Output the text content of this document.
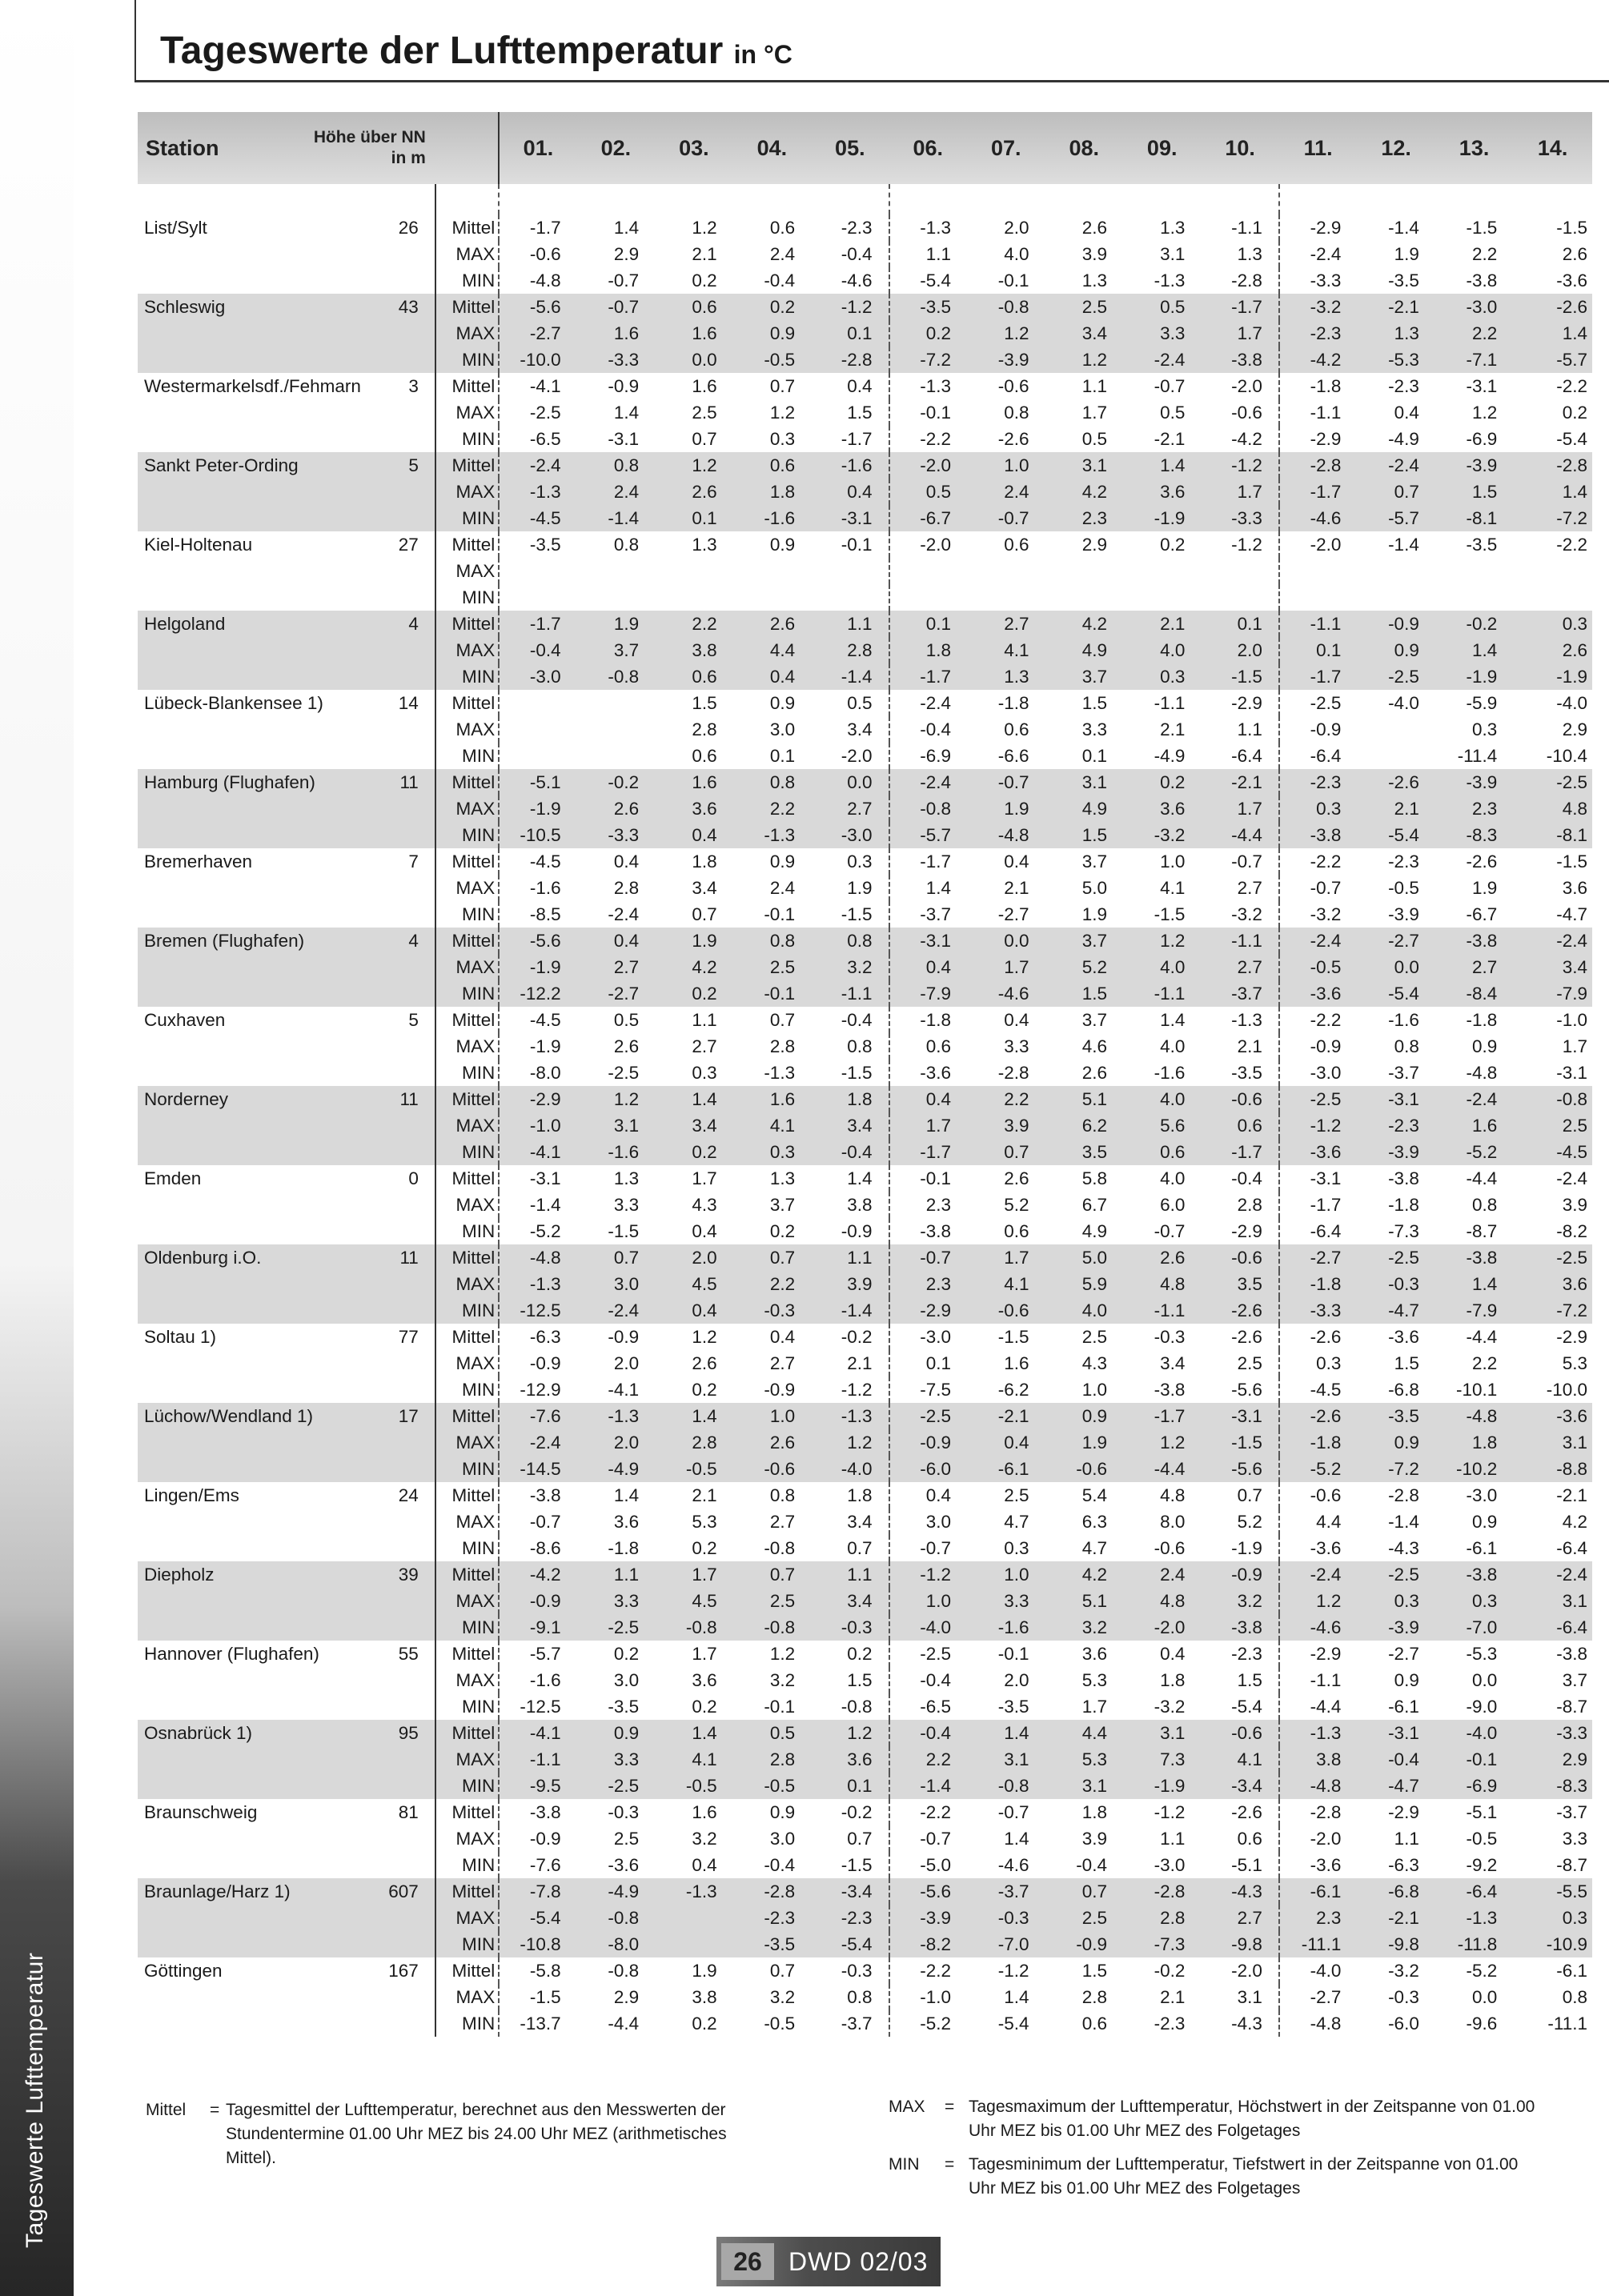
Tageswerte Lufttemperatur
Tageswerte der Lufttemperatur in °C
Station	Höhe über NN
in m		01.	02.	03.	04.	05.	06.	07.	08.	09.	10.	11.	12.	13.	14.

List/Sylt	26	Mittel	-1.7	1.4	1.2	0.6	-2.3	-1.3	2.0	2.6	1.3	-1.1	-2.9	-1.4	-1.5	-1.5
		MAX	-0.6	2.9	2.1	2.4	-0.4	1.1	4.0	3.9	3.1	1.3	-2.4	1.9	2.2	2.6
		MIN	-4.8	-0.7	0.2	-0.4	-4.6	-5.4	-0.1	1.3	-1.3	-2.8	-3.3	-3.5	-3.8	-3.6
Schleswig	43	Mittel	-5.6	-0.7	0.6	0.2	-1.2	-3.5	-0.8	2.5	0.5	-1.7	-3.2	-2.1	-3.0	-2.6
		MAX	-2.7	1.6	1.6	0.9	0.1	0.2	1.2	3.4	3.3	1.7	-2.3	1.3	2.2	1.4
		MIN	-10.0	-3.3	0.0	-0.5	-2.8	-7.2	-3.9	1.2	-2.4	-3.8	-4.2	-5.3	-7.1	-5.7
Westermarkelsdf./Fehmarn	3	Mittel	-4.1	-0.9	1.6	0.7	0.4	-1.3	-0.6	1.1	-0.7	-2.0	-1.8	-2.3	-3.1	-2.2
		MAX	-2.5	1.4	2.5	1.2	1.5	-0.1	0.8	1.7	0.5	-0.6	-1.1	0.4	1.2	0.2
		MIN	-6.5	-3.1	0.7	0.3	-1.7	-2.2	-2.6	0.5	-2.1	-4.2	-2.9	-4.9	-6.9	-5.4
Sankt Peter-Ording	5	Mittel	-2.4	0.8	1.2	0.6	-1.6	-2.0	1.0	3.1	1.4	-1.2	-2.8	-2.4	-3.9	-2.8
		MAX	-1.3	2.4	2.6	1.8	0.4	0.5	2.4	4.2	3.6	1.7	-1.7	0.7	1.5	1.4
		MIN	-4.5	-1.4	0.1	-1.6	-3.1	-6.7	-0.7	2.3	-1.9	-3.3	-4.6	-5.7	-8.1	-7.2
Kiel-Holtenau	27	Mittel	-3.5	0.8	1.3	0.9	-0.1	-2.0	0.6	2.9	0.2	-1.2	-2.0	-1.4	-3.5	-2.2
		MAX														
		MIN														
Helgoland	4	Mittel	-1.7	1.9	2.2	2.6	1.1	0.1	2.7	4.2	2.1	0.1	-1.1	-0.9	-0.2	0.3
		MAX	-0.4	3.7	3.8	4.4	2.8	1.8	4.1	4.9	4.0	2.0	0.1	0.9	1.4	2.6
		MIN	-3.0	-0.8	0.6	0.4	-1.4	-1.7	1.3	3.7	0.3	-1.5	-1.7	-2.5	-1.9	-1.9
Lübeck-Blankensee 1)	14	Mittel			1.5	0.9	0.5	-2.4	-1.8	1.5	-1.1	-2.9	-2.5	-4.0	-5.9	-4.0
		MAX			2.8	3.0	3.4	-0.4	0.6	3.3	2.1	1.1	-0.9		0.3	2.9
		MIN			0.6	0.1	-2.0	-6.9	-6.6	0.1	-4.9	-6.4	-6.4		-11.4	-10.4
Hamburg (Flughafen)	11	Mittel	-5.1	-0.2	1.6	0.8	0.0	-2.4	-0.7	3.1	0.2	-2.1	-2.3	-2.6	-3.9	-2.5
		MAX	-1.9	2.6	3.6	2.2	2.7	-0.8	1.9	4.9	3.6	1.7	0.3	2.1	2.3	4.8
		MIN	-10.5	-3.3	0.4	-1.3	-3.0	-5.7	-4.8	1.5	-3.2	-4.4	-3.8	-5.4	-8.3	-8.1
Bremerhaven	7	Mittel	-4.5	0.4	1.8	0.9	0.3	-1.7	0.4	3.7	1.0	-0.7	-2.2	-2.3	-2.6	-1.5
		MAX	-1.6	2.8	3.4	2.4	1.9	1.4	2.1	5.0	4.1	2.7	-0.7	-0.5	1.9	3.6
		MIN	-8.5	-2.4	0.7	-0.1	-1.5	-3.7	-2.7	1.9	-1.5	-3.2	-3.2	-3.9	-6.7	-4.7
Bremen (Flughafen)	4	Mittel	-5.6	0.4	1.9	0.8	0.8	-3.1	0.0	3.7	1.2	-1.1	-2.4	-2.7	-3.8	-2.4
		MAX	-1.9	2.7	4.2	2.5	3.2	0.4	1.7	5.2	4.0	2.7	-0.5	0.0	2.7	3.4
		MIN	-12.2	-2.7	0.2	-0.1	-1.1	-7.9	-4.6	1.5	-1.1	-3.7	-3.6	-5.4	-8.4	-7.9
Cuxhaven	5	Mittel	-4.5	0.5	1.1	0.7	-0.4	-1.8	0.4	3.7	1.4	-1.3	-2.2	-1.6	-1.8	-1.0
		MAX	-1.9	2.6	2.7	2.8	0.8	0.6	3.3	4.6	4.0	2.1	-0.9	0.8	0.9	1.7
		MIN	-8.0	-2.5	0.3	-1.3	-1.5	-3.6	-2.8	2.6	-1.6	-3.5	-3.0	-3.7	-4.8	-3.1
Norderney	11	Mittel	-2.9	1.2	1.4	1.6	1.8	0.4	2.2	5.1	4.0	-0.6	-2.5	-3.1	-2.4	-0.8
		MAX	-1.0	3.1	3.4	4.1	3.4	1.7	3.9	6.2	5.6	0.6	-1.2	-2.3	1.6	2.5
		MIN	-4.1	-1.6	0.2	0.3	-0.4	-1.7	0.7	3.5	0.6	-1.7	-3.6	-3.9	-5.2	-4.5
Emden	0	Mittel	-3.1	1.3	1.7	1.3	1.4	-0.1	2.6	5.8	4.0	-0.4	-3.1	-3.8	-4.4	-2.4
		MAX	-1.4	3.3	4.3	3.7	3.8	2.3	5.2	6.7	6.0	2.8	-1.7	-1.8	0.8	3.9
		MIN	-5.2	-1.5	0.4	0.2	-0.9	-3.8	0.6	4.9	-0.7	-2.9	-6.4	-7.3	-8.7	-8.2
Oldenburg i.O.	11	Mittel	-4.8	0.7	2.0	0.7	1.1	-0.7	1.7	5.0	2.6	-0.6	-2.7	-2.5	-3.8	-2.5
		MAX	-1.3	3.0	4.5	2.2	3.9	2.3	4.1	5.9	4.8	3.5	-1.8	-0.3	1.4	3.6
		MIN	-12.5	-2.4	0.4	-0.3	-1.4	-2.9	-0.6	4.0	-1.1	-2.6	-3.3	-4.7	-7.9	-7.2
Soltau 1)	77	Mittel	-6.3	-0.9	1.2	0.4	-0.2	-3.0	-1.5	2.5	-0.3	-2.6	-2.6	-3.6	-4.4	-2.9
		MAX	-0.9	2.0	2.6	2.7	2.1	0.1	1.6	4.3	3.4	2.5	0.3	1.5	2.2	5.3
		MIN	-12.9	-4.1	0.2	-0.9	-1.2	-7.5	-6.2	1.0	-3.8	-5.6	-4.5	-6.8	-10.1	-10.0
Lüchow/Wendland 1)	17	Mittel	-7.6	-1.3	1.4	1.0	-1.3	-2.5	-2.1	0.9	-1.7	-3.1	-2.6	-3.5	-4.8	-3.6
		MAX	-2.4	2.0	2.8	2.6	1.2	-0.9	0.4	1.9	1.2	-1.5	-1.8	0.9	1.8	3.1
		MIN	-14.5	-4.9	-0.5	-0.6	-4.0	-6.0	-6.1	-0.6	-4.4	-5.6	-5.2	-7.2	-10.2	-8.8
Lingen/Ems	24	Mittel	-3.8	1.4	2.1	0.8	1.8	0.4	2.5	5.4	4.8	0.7	-0.6	-2.8	-3.0	-2.1
		MAX	-0.7	3.6	5.3	2.7	3.4	3.0	4.7	6.3	8.0	5.2	4.4	-1.4	0.9	4.2
		MIN	-8.6	-1.8	0.2	-0.8	0.7	-0.7	0.3	4.7	-0.6	-1.9	-3.6	-4.3	-6.1	-6.4
Diepholz	39	Mittel	-4.2	1.1	1.7	0.7	1.1	-1.2	1.0	4.2	2.4	-0.9	-2.4	-2.5	-3.8	-2.4
		MAX	-0.9	3.3	4.5	2.5	3.4	1.0	3.3	5.1	4.8	3.2	1.2	0.3	0.3	3.1
		MIN	-9.1	-2.5	-0.8	-0.8	-0.3	-4.0	-1.6	3.2	-2.0	-3.8	-4.6	-3.9	-7.0	-6.4
Hannover (Flughafen)	55	Mittel	-5.7	0.2	1.7	1.2	0.2	-2.5	-0.1	3.6	0.4	-2.3	-2.9	-2.7	-5.3	-3.8
		MAX	-1.6	3.0	3.6	3.2	1.5	-0.4	2.0	5.3	1.8	1.5	-1.1	0.9	0.0	3.7
		MIN	-12.5	-3.5	0.2	-0.1	-0.8	-6.5	-3.5	1.7	-3.2	-5.4	-4.4	-6.1	-9.0	-8.7
Osnabrück 1)	95	Mittel	-4.1	0.9	1.4	0.5	1.2	-0.4	1.4	4.4	3.1	-0.6	-1.3	-3.1	-4.0	-3.3
		MAX	-1.1	3.3	4.1	2.8	3.6	2.2	3.1	5.3	7.3	4.1	3.8	-0.4	-0.1	2.9
		MIN	-9.5	-2.5	-0.5	-0.5	0.1	-1.4	-0.8	3.1	-1.9	-3.4	-4.8	-4.7	-6.9	-8.3
Braunschweig	81	Mittel	-3.8	-0.3	1.6	0.9	-0.2	-2.2	-0.7	1.8	-1.2	-2.6	-2.8	-2.9	-5.1	-3.7
		MAX	-0.9	2.5	3.2	3.0	0.7	-0.7	1.4	3.9	1.1	0.6	-2.0	1.1	-0.5	3.3
		MIN	-7.6	-3.6	0.4	-0.4	-1.5	-5.0	-4.6	-0.4	-3.0	-5.1	-3.6	-6.3	-9.2	-8.7
Braunlage/Harz 1)	607	Mittel	-7.8	-4.9	-1.3	-2.8	-3.4	-5.6	-3.7	0.7	-2.8	-4.3	-6.1	-6.8	-6.4	-5.5
		MAX	-5.4	-0.8		-2.3	-2.3	-3.9	-0.3	2.5	2.8	2.7	2.3	-2.1	-1.3	0.3
		MIN	-10.8	-8.0		-3.5	-5.4	-8.2	-7.0	-0.9	-7.3	-9.8	-11.1	-9.8	-11.8	-10.9
Göttingen	167	Mittel	-5.8	-0.8	1.9	0.7	-0.3	-2.2	-1.2	1.5	-0.2	-2.0	-4.0	-3.2	-5.2	-6.1
		MAX	-1.5	2.9	3.8	3.2	0.8	-1.0	1.4	2.8	2.1	3.1	-2.7	-0.3	0.0	0.8
		MIN	-13.7	-4.4	0.2	-0.5	-3.7	-5.2	-5.4	0.6	-2.3	-4.3	-4.8	-6.0	-9.6	-11.1
Mittel = Tagesmittel der Lufttemperatur, berechnet aus den Messwerten der Stundentermine 01.00 Uhr MEZ bis 24.00 Uhr MEZ (arithmetisches Mittel).
MAX = Tagesmaximum der Lufttemperatur, Höchstwert in der Zeitspanne von 01.00 Uhr MEZ bis 01.00 Uhr MEZ des Folgetages
MIN = Tagesminimum der Lufttemperatur, Tiefstwert in der Zeitspanne von 01.00 Uhr MEZ bis 01.00 Uhr MEZ des Folgetages
26	DWD 02/03
